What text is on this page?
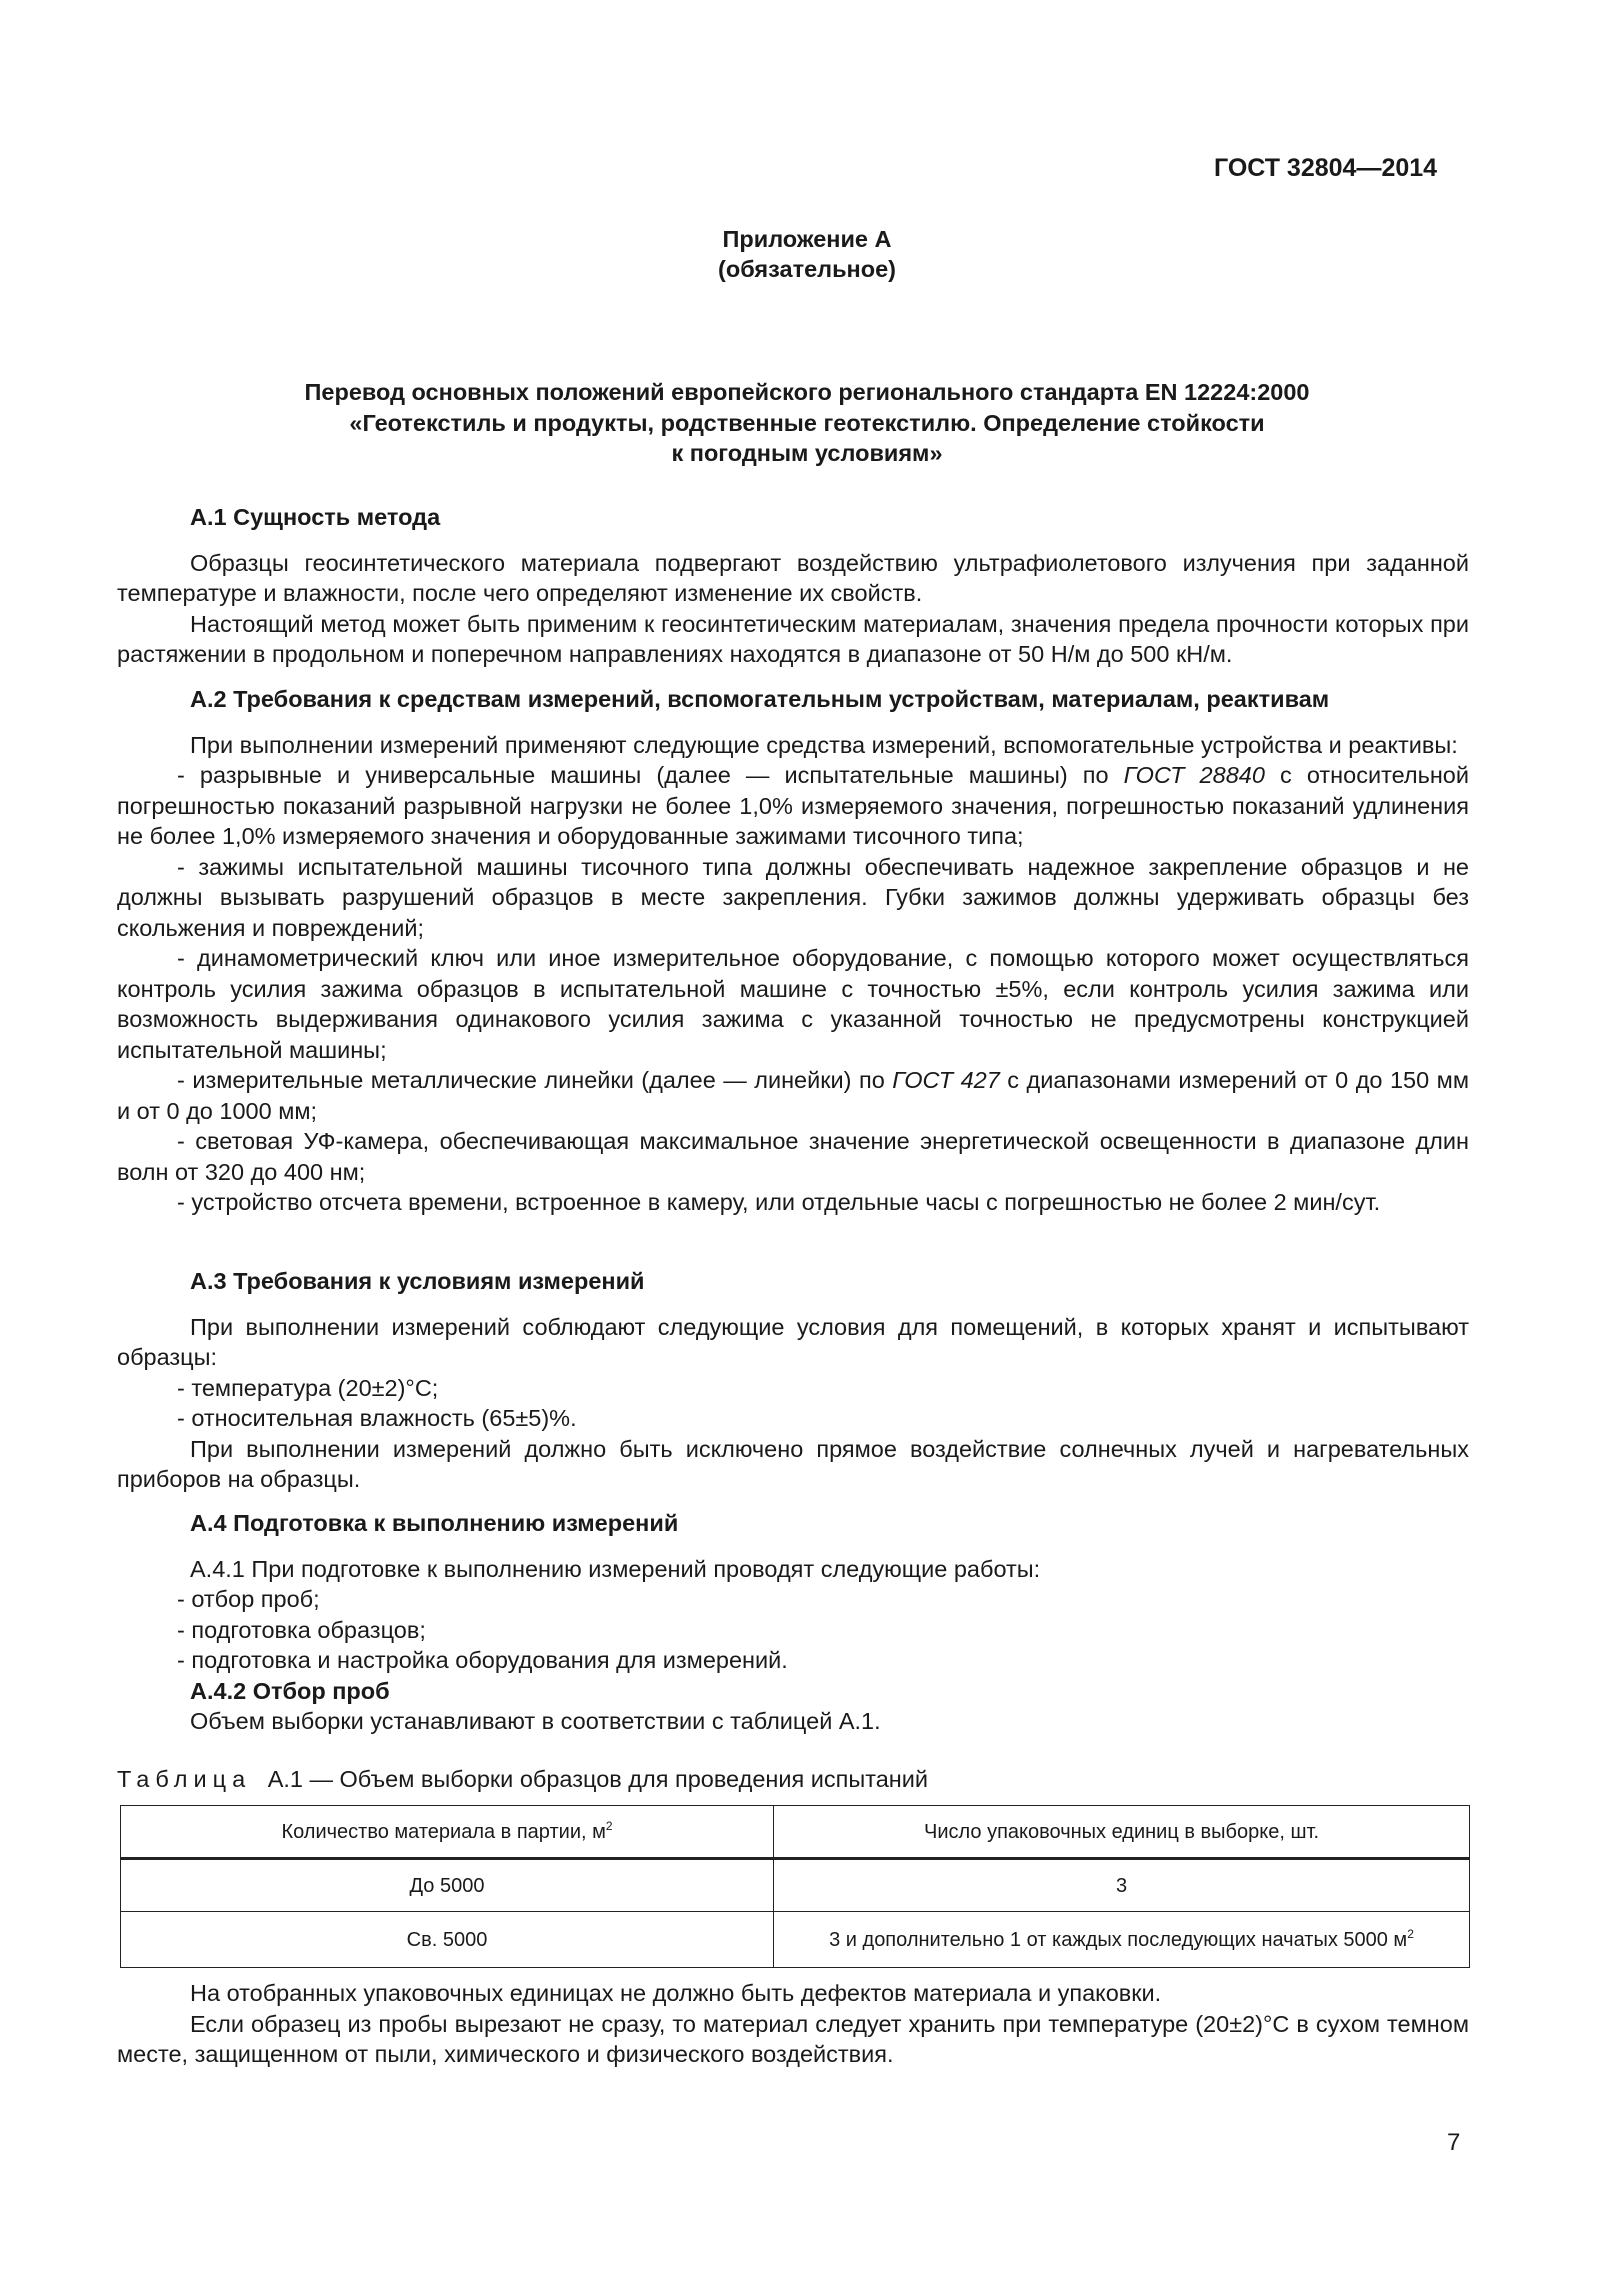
ГОСТ 32804—2014
Приложение А
(обязательное)
Перевод основных положений европейского регионального стандарта EN 12224:2000
«Геотекстиль и продукты, родственные геотекстилю. Определение стойкости
к погодным условиям»
А.1 Сущность метода
Образцы геосинтетического материала подвергают воздействию ультрафиолетового излучения при заданной температуре и влажности, после чего определяют изменение их свойств.
Настоящий метод может быть применим к геосинтетическим материалам, значения предела прочности которых при растяжении в продольном и поперечном направлениях находятся в диапазоне от 50 Н/м до 500 кН/м.
А.2 Требования к средствам измерений, вспомогательным устройствам, материалам, реактивам
При выполнении измерений применяют следующие средства измерений, вспомогательные устройства и реактивы:
- разрывные и универсальные машины (далее — испытательные машины) по ГОСТ 28840 с относительной погрешностью показаний разрывной нагрузки не более 1,0% измеряемого значения, погрешностью показаний удлинения не более 1,0% измеряемого значения и оборудованные зажимами тисочного типа;
- зажимы испытательной машины тисочного типа должны обеспечивать надежное закрепление образцов и не должны вызывать разрушений образцов в месте закрепления. Губки зажимов должны удерживать образцы без скольжения и повреждений;
- динамометрический ключ или иное измерительное оборудование, с помощью которого может осуществляться контроль усилия зажима образцов в испытательной машине с точностью ±5%, если контроль усилия зажима или возможность выдерживания одинакового усилия зажима с указанной точностью не предусмотрены конструкцией испытательной машины;
- измерительные металлические линейки (далее — линейки) по ГОСТ 427 с диапазонами измерений от 0 до 150 мм и от 0 до 1000 мм;
- световая УФ-камера, обеспечивающая максимальное значение энергетической освещенности в диапазоне длин волн от 320 до 400 нм;
- устройство отсчета времени, встроенное в камеру, или отдельные часы с погрешностью не более 2 мин/сут.
А.3 Требования к условиям измерений
При выполнении измерений соблюдают следующие условия для помещений, в которых хранят и испытывают образцы:
- температура (20±2)°С;
- относительная влажность (65±5)%.
При выполнении измерений должно быть исключено прямое воздействие солнечных лучей и нагревательных приборов на образцы.
А.4 Подготовка к выполнению измерений
А.4.1 При подготовке к выполнению измерений проводят следующие работы:
- отбор проб;
- подготовка образцов;
- подготовка и настройка оборудования для измерений.
А.4.2 Отбор проб
Объем выборки устанавливают в соответствии с таблицей А.1.
Таблица А.1 — Объем выборки образцов для проведения испытаний
Количество материала в партии, $м^2$	Число упаковочных единиц в выборке, шт.
До 5000	3
Св. 5000	3 и дополнительно 1 от каждых последующих начатых 5000 $м^2$
На отобранных упаковочных единицах не должно быть дефектов материала и упаковки.
Если образец из пробы вырезают не сразу, то материал следует хранить при температуре (20±2)°С в сухом темном месте, защищенном от пыли, химического и физического воздействия.
7
